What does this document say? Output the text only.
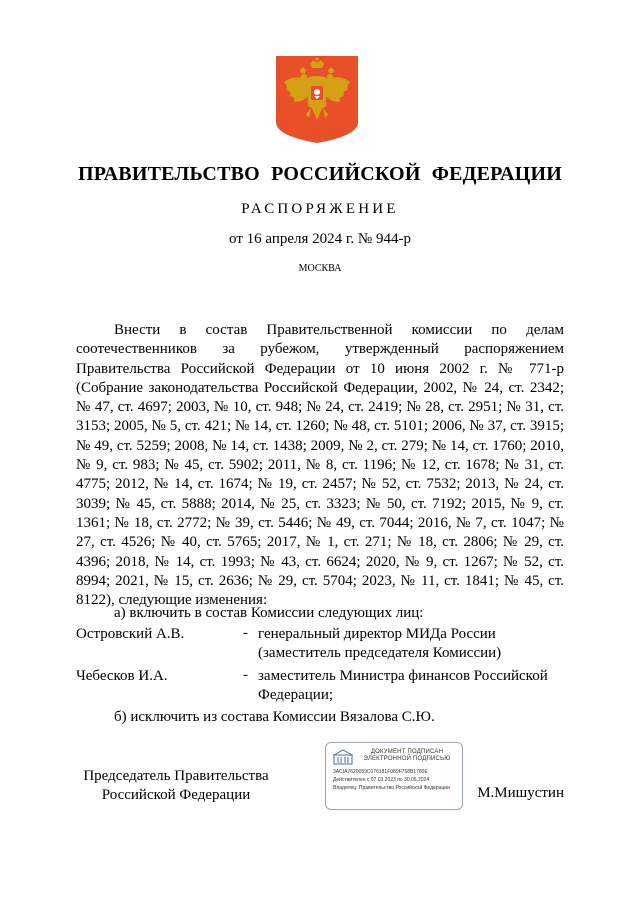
ПРАВИТЕЛЬСТВО РОССИЙСКОЙ ФЕДЕРАЦИИ
РАСПОРЯЖЕНИЕ
от 16 апреля 2024 г. № 944-р
МОСКВА

Внести в состав Правительственной комиссии по делам соотечественников за рубежом, утвержденный распоряжением Правительства Российской Федерации от 10 июня 2002 г. № 771-р (Собрание законодательства Российской Федерации, 2002, № 24, ст. 2342; № 47, ст. 4697; 2003, № 10, ст. 948; № 24, ст. 2419; № 28, ст. 2951; № 31, ст. 3153; 2005, № 5, ст. 421; № 14, ст. 1260; № 48, ст. 5101; 2006, № 37, ст. 3915; № 49, ст. 5259; 2008, № 14, ст. 1438; 2009, № 2, ст. 279; № 14, ст. 1760; 2010, № 9, ст. 983; № 45, ст. 5902; 2011, № 8, ст. 1196; № 12, ст. 1678; № 31, ст. 4775; 2012, № 14, ст. 1674; № 19, ст. 2457; № 52, ст. 7532; 2013, № 24, ст. 3039; № 45, ст. 5888; 2014, № 25, ст. 3323; № 50, ст. 7192; 2015, № 9, ст. 1361; № 18, ст. 2772; № 39, ст. 5446; № 49, ст. 7044; 2016, № 7, ст. 1047; № 27, ст. 4526; № 40, ст. 5765; 2017, № 1, ст. 271; № 18, ст. 2806; № 29, ст. 4396; 2018, № 14, ст. 1993; № 43, ст. 6624; 2020, № 9, ст. 1267; № 52, ст. 8994; 2021, № 15, ст. 2636; № 29, ст. 5704; 2023, № 11, ст. 1841; № 45, ст. 8122), следующие изменения:

а) включить в состав Комиссии следующих лиц:
Островский А.В.	- генеральный директор МИДа России (заместитель председателя Комиссии)
Чебесков И.А.	- заместитель Министра финансов Российской Федерации;
б) исключить из состава Комиссии Вязалова С.Ю.
Председатель Правительства Российской Федерации
ДОКУМЕНТ ПОДПИСАН ЭЛЕКТРОННОЙ ПОДПИСЬЮ
3ACIA7620059C076181F089F768B1780E
Действителен с 07.03.2023 по 30.05.2024
Владелец: Правительство Российской Федерации	М.Мишустин
